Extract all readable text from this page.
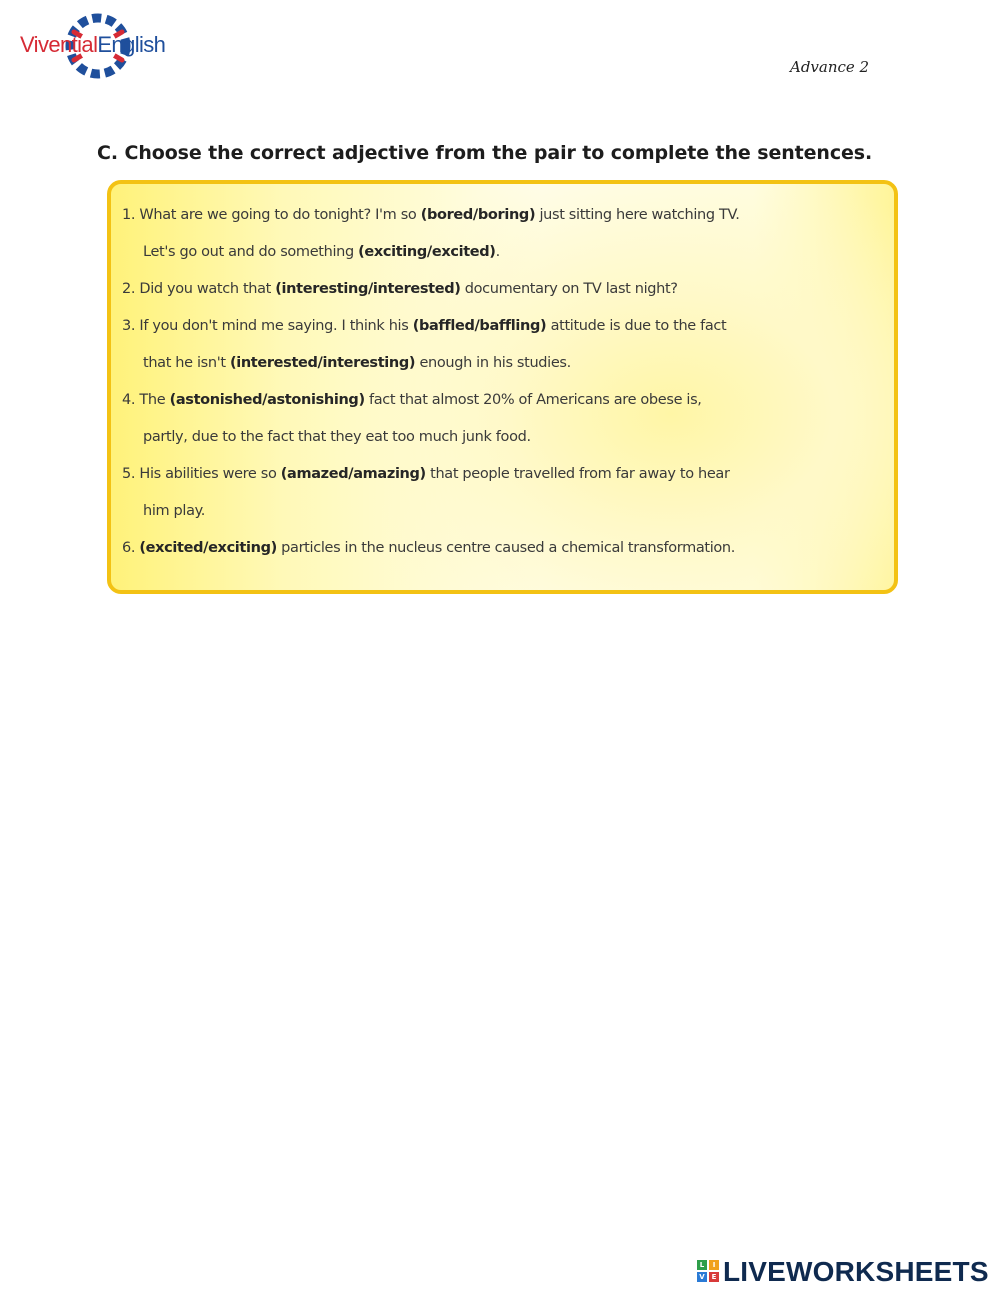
ViventialEnglish
Advance 2
C. Choose the correct adjective from the pair to complete the sentences.
1. What are we going to do tonight? I'm so (bored/boring) just sitting here watching TV.
Let's go out and do something (exciting/excited).
2. Did you watch that (interesting/interested) documentary on TV last night?
3. If you don't mind me saying. I think his (baffled/baffling) attitude is due to the fact
that he isn't (interested/interesting) enough in his studies.
4. The (astonished/astonishing) fact that almost 20% of Americans are obese is,
partly, due to the fact that they eat too much junk food.
5. His abilities were so (amazed/amazing) that people travelled from far away to hear
him play.
6. (excited/exciting) particles in the nucleus centre caused a chemical transformation.
L	I
V E LIVEWORKSHEETS
